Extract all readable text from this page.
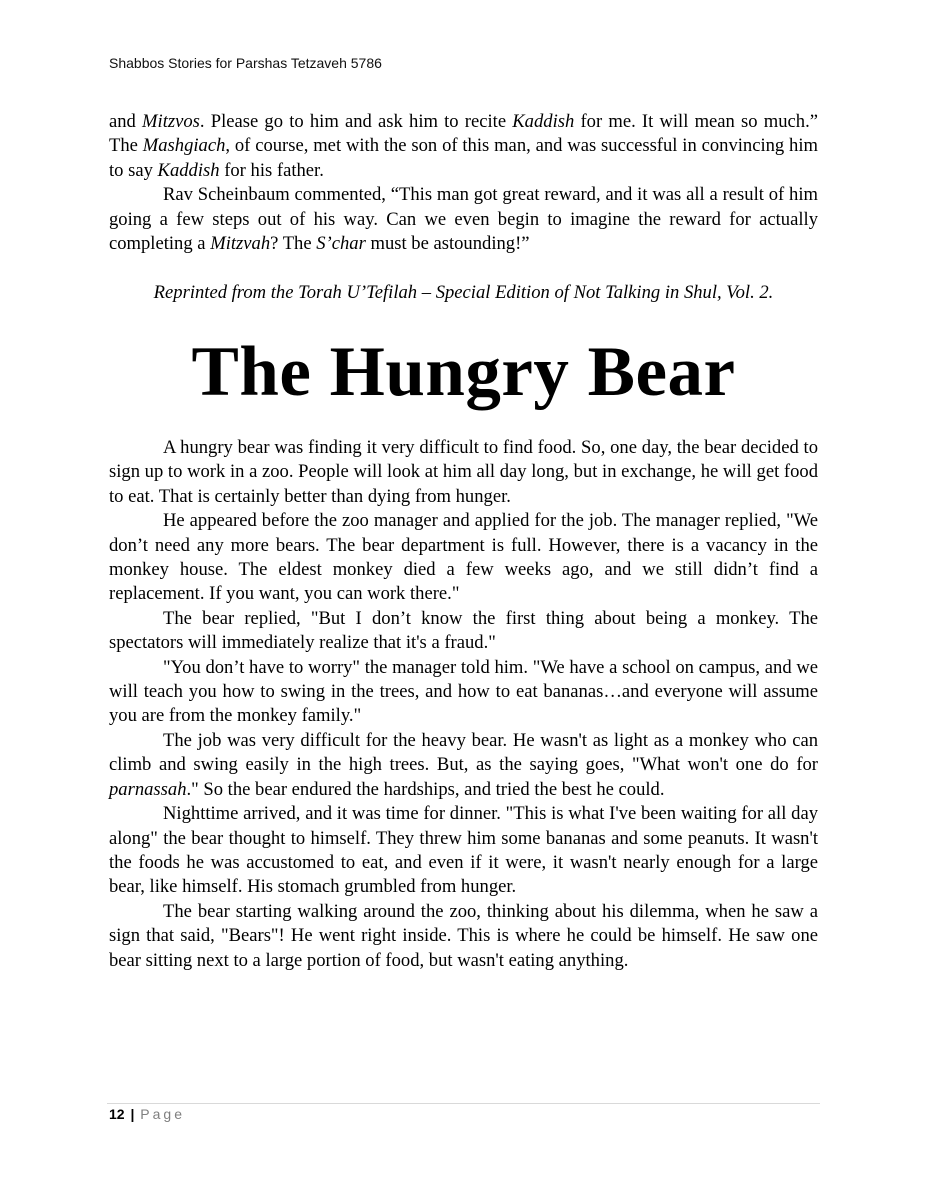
Shabbos Stories for Parshas Tetzaveh 5786

and Mitzvos. Please go to him and ask him to recite Kaddish for me. It will mean so much.” The Mashgiach, of course, met with the son of this man, and was successful in convincing him to say Kaddish for his father.

Rav Scheinbaum commented, “This man got great reward, and it was all a result of him going a few steps out of his way. Can we even begin to imagine the reward for actually completing a Mitzvah? The S’char must be astounding!”

Reprinted from the Torah U’Tefilah – Special Edition of Not Talking in Shul, Vol. 2.
The Hungry Bear

A hungry bear was finding it very difficult to find food. So, one day, the bear decided to sign up to work in a zoo. People will look at him all day long, but in exchange, he will get food to eat. That is certainly better than dying from hunger.

He appeared before the zoo manager and applied for the job. The manager replied, "We don’t need any more bears. The bear department is full. However, there is a vacancy in the monkey house. The eldest monkey died a few weeks ago, and we still didn’t find a replacement. If you want, you can work there."

The bear replied, "But I don’t know the first thing about being a monkey. The spectators will immediately realize that it's a fraud."

"You don’t have to worry" the manager told him. "We have a school on campus, and we will teach you how to swing in the trees, and how to eat bananas…and everyone will assume you are from the monkey family."

The job was very difficult for the heavy bear. He wasn't as light as a monkey who can climb and swing easily in the high trees. But, as the saying goes, "What won't one do for parnassah." So the bear endured the hardships, and tried the best he could.

Nighttime arrived, and it was time for dinner. "This is what I've been waiting for all day along" the bear thought to himself. They threw him some bananas and some peanuts. It wasn't the foods he was accustomed to eat, and even if it were, it wasn't nearly enough for a large bear, like himself. His stomach grumbled from hunger.

The bear starting walking around the zoo, thinking about his dilemma, when he saw a sign that said, "Bears"! He went right inside. This is where he could be himself. He saw one bear sitting next to a large portion of food, but wasn't eating anything.

12 | Page
